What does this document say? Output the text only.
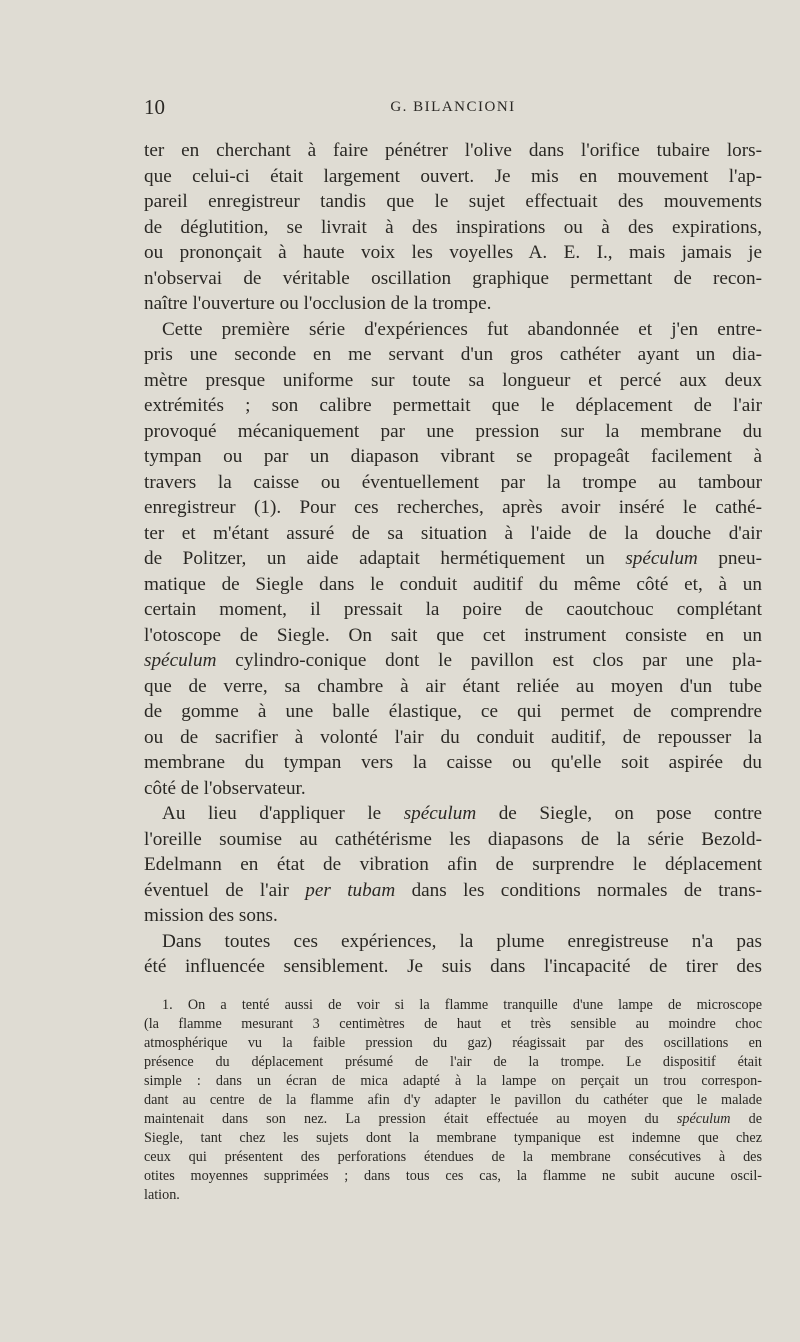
10	G. BILANCIONI
ter en cherchant à faire pénétrer l'olive dans l'orifice tubaire lors-
que celui-ci était largement ouvert. Je mis en mouvement l'ap-
pareil enregistreur tandis que le sujet effectuait des mouvements
de déglutition, se livrait à des inspirations ou à des expirations,
ou prononçait à haute voix les voyelles A. E. I., mais jamais je
n'observai de véritable oscillation graphique permettant de recon-
naître l'ouverture ou l'occlusion de la trompe.
Cette première série d'expériences fut abandonnée et j'en entre-
pris une seconde en me servant d'un gros cathéter ayant un dia-
mètre presque uniforme sur toute sa longueur et percé aux deux
extrémités ; son calibre permettait que le déplacement de l'air
provoqué mécaniquement par une pression sur la membrane du
tympan ou par un diapason vibrant se propageât facilement à
travers la caisse ou éventuellement par la trompe au tambour
enregistreur (1). Pour ces recherches, après avoir inséré le cathé-
ter et m'étant assuré de sa situation à l'aide de la douche d'air
de Politzer, un aide adaptait hermétiquement un spéculum pneu-
matique de Siegle dans le conduit auditif du même côté et, à un
certain moment, il pressait la poire de caoutchouc complétant
l'otoscope de Siegle. On sait que cet instrument consiste en un
spéculum cylindro-conique dont le pavillon est clos par une pla-
que de verre, sa chambre à air étant reliée au moyen d'un tube
de gomme à une balle élastique, ce qui permet de comprendre
ou de sacrifier à volonté l'air du conduit auditif, de repousser la
membrane du tympan vers la caisse ou qu'elle soit aspirée du
côté de l'observateur.
Au lieu d'appliquer le spéculum de Siegle, on pose contre
l'oreille soumise au cathétérisme les diapasons de la série Bezold-
Edelmann en état de vibration afin de surprendre le déplacement
éventuel de l'air per tubam dans les conditions normales de trans-
mission des sons.
Dans toutes ces expériences, la plume enregistreuse n'a pas
été influencée sensiblement. Je suis dans l'incapacité de tirer des
1. On a tenté aussi de voir si la flamme tranquille d'une lampe de microscope
(la flamme mesurant 3 centimètres de haut et très sensible au moindre choc
atmosphérique vu la faible pression du gaz) réagissait par des oscillations en
présence du déplacement présumé de l'air de la trompe. Le dispositif était
simple : dans un écran de mica adapté à la lampe on perçait un trou correspon-
dant au centre de la flamme afin d'y adapter le pavillon du cathéter que le malade
maintenait dans son nez. La pression était effectuée au moyen du spéculum de
Siegle, tant chez les sujets dont la membrane tympanique est indemne que chez
ceux qui présentent des perforations étendues de la membrane consécutives à des
otites moyennes supprimées ; dans tous ces cas, la flamme ne subit aucune oscil-
lation.
